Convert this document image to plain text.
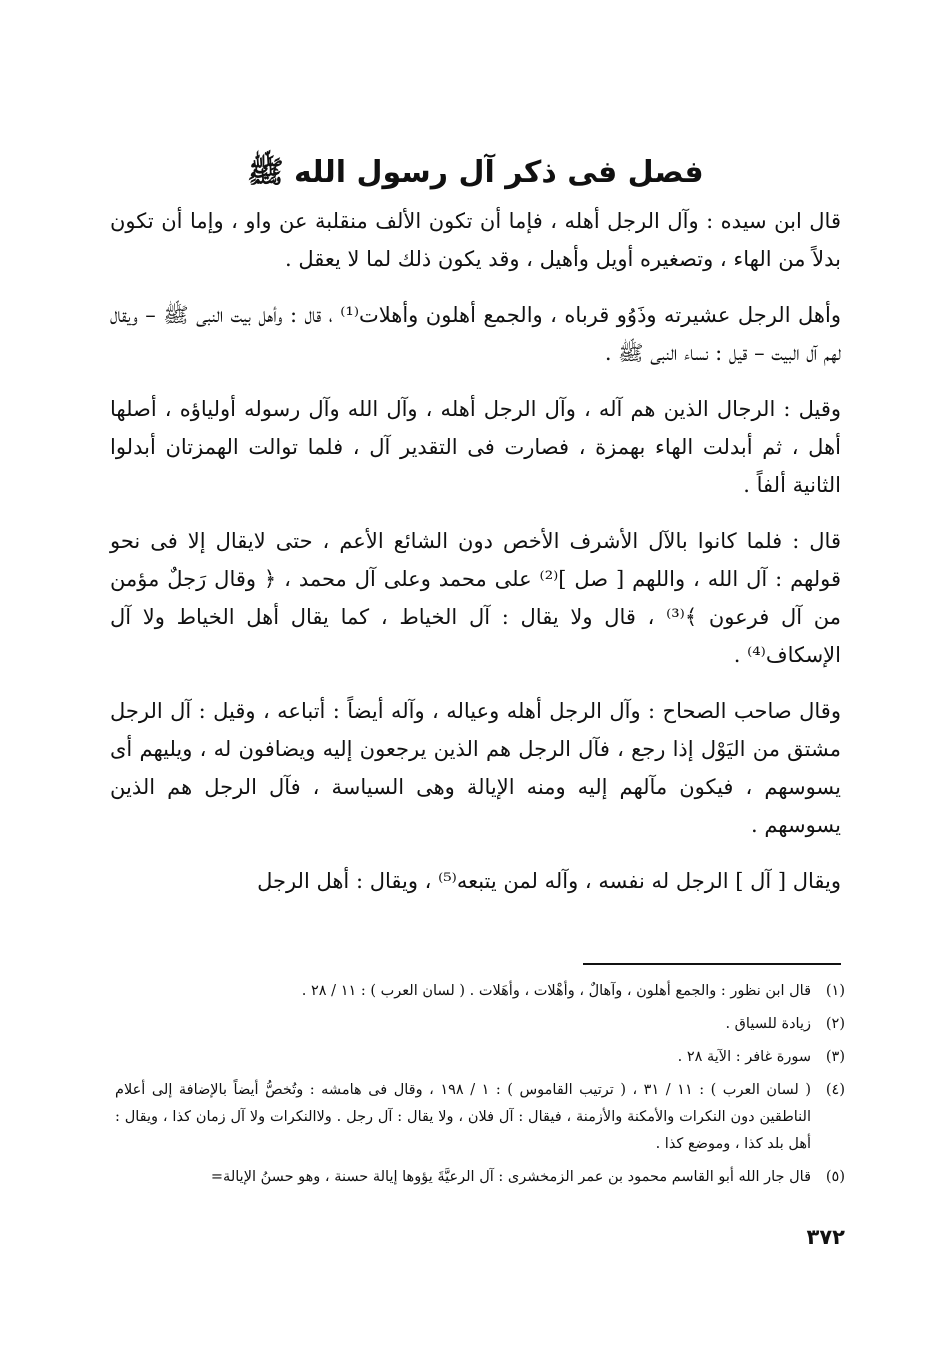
فصل فى ذكر آل رسول الله ﷺ

قال ابن سيده : وآل الرجل أهله ، فإما أن تكون الألف منقلبة عن واو ، وإما أن تكون بدلاً من الهاء ، وتصغيره أويل وأهيل ، وقد يكون ذلك لما لا يعقل .

وأهل الرجل عشيرته وذَوُو قرباه ، والجمع أهلون وأهلات⁽¹⁾ ، قال : وأهل بيت النبى ﷺ – ويقال لهم آل البيت – قيل : نساء النبى ﷺ .

وقيل : الرجال الذين هم آله ، وآل الرجل أهله ، وآل الله وآل رسوله أولياؤه ، أصلها أهل ، ثم أبدلت الهاء بهمزة ، فصارت فى التقدير آل ، فلما توالت الهمزتان أبدلوا الثانية ألفاً .

قال : فلما كانوا بالآل الأشرف الأخص دون الشائع الأعم ، حتى لايقال إلا فى نحو قولهم : آل الله ، واللهم [ صل ]⁽²⁾ على محمد وعلى آل محمد ، ﴿ وقال رَجلٌ مؤمن من آل فرعون ﴾⁽³⁾ ، قال ولا يقال : آل الخياط ، كما يقال أهل الخياط ولا آل الإسكاف⁽⁴⁾ .

وقال صاحب الصحاح : وآل الرجل أهله وعياله ، وآله أيضاً : أتباعه ، وقيل : آل الرجل مشتق من اليَوْل إذا رجع ، فآل الرجل هم الذين يرجعون إليه ويضافون له ، ويليهم أى يسوسهم ، فيكون مآلهم إليه ومنه الإيالة وهى السياسة ، فآل الرجل هم الذين يسوسهم .

ويقال [ آل ] الرجل له نفسه ، وآله لمن يتبعه⁽⁵⁾ ، ويقال : أهل الرجل

(١)
قال ابن نظور : والجمع أهلون ، وآهالٌ ، وأهْلات ، وأهَلات . ( لسان العرب ) : ١١ / ٢٨ .
(٢)
زيادة للسياق .
(٣)
سورة غافر : الآية ٢٨ .
(٤)
( لسان العرب ) : ١١ / ٣١ ، ( ترتيب القاموس ) : ١ / ١٩٨ ، وقال فى هامشه : وتُخصُّ أيضاً بالإضافة إلى أعلام الناطقين دون النكرات والأمكنة والأزمنة ، فيقال : آل فلان ، ولا يقال : آل رجل . ولاالنكرات ولا آل زمان كذا ، ويقال : أهل بلد كذا ، وموضع كذا .
(٥)
قال جار الله أبو القاسم محمود بن عمر الزمخشرى : آل الرعيَّةَ يؤوها إيالة حسنة ، وهو حسنُ الإيالة=
٣٧٢
